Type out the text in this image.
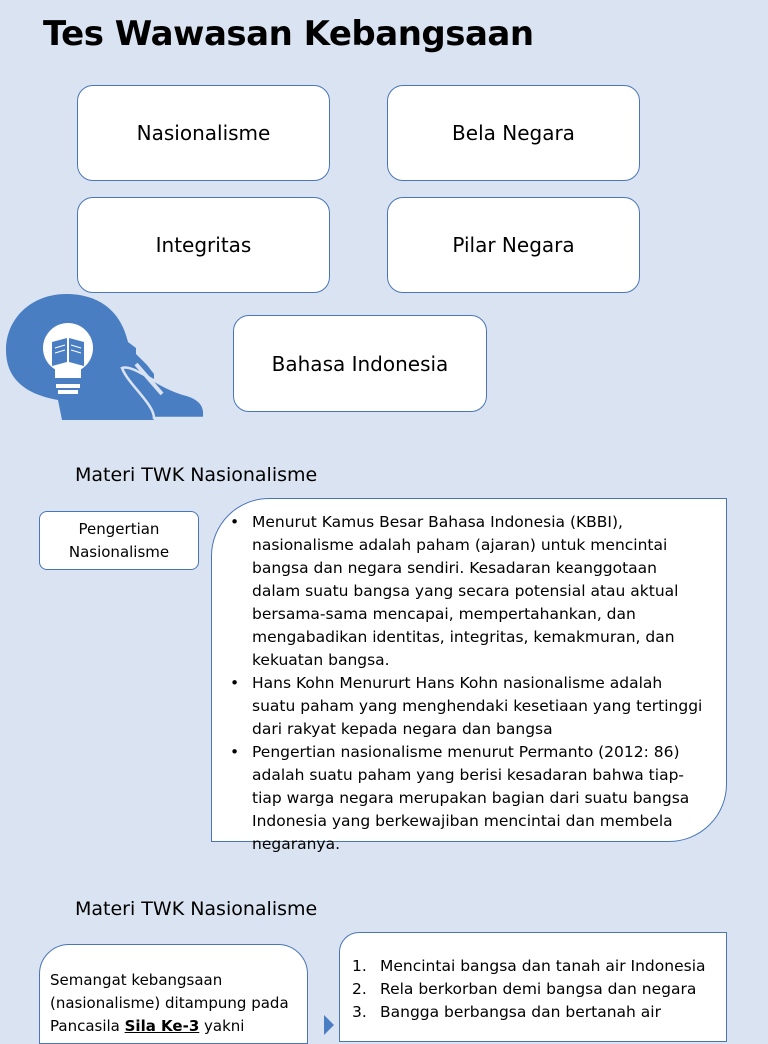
Tes Wawasan Kebangsaan
Nasionalisme	Bela Negara
Integritas	Pilar Negara
Bahasa Indonesia
Materi TWK Nasionalisme
Pengertian
Nasionalisme
• Menurut Kamus Besar Bahasa Indonesia (KBBI), nasionalisme adalah paham (ajaran) untuk mencintai bangsa dan negara sendiri. Kesadaran keanggotaan dalam suatu bangsa yang secara potensial atau aktual bersama-sama mencapai, mempertahankan, dan mengabadikan identitas, integritas, kemakmuran, dan kekuatan bangsa.
• Hans Kohn Menururt Hans Kohn nasionalisme adalah suatu paham yang menghendaki kesetiaan yang tertinggi dari rakyat kepada negara dan bangsa
• Pengertian nasionalisme menurut Permanto (2012: 86) adalah suatu paham yang berisi kesadaran bahwa tiap-tiap warga negara merupakan bagian dari suatu bangsa Indonesia yang berkewajiban mencintai dan membela negaranya.
Materi TWK Nasionalisme
Semangat kebangsaan (nasionalisme) ditampung pada Pancasila Sila Ke-3 yakni
1. Mencintai bangsa dan tanah air Indonesia
2. Rela berkorban demi bangsa dan negara
3. Bangga berbangsa dan bertanah air
